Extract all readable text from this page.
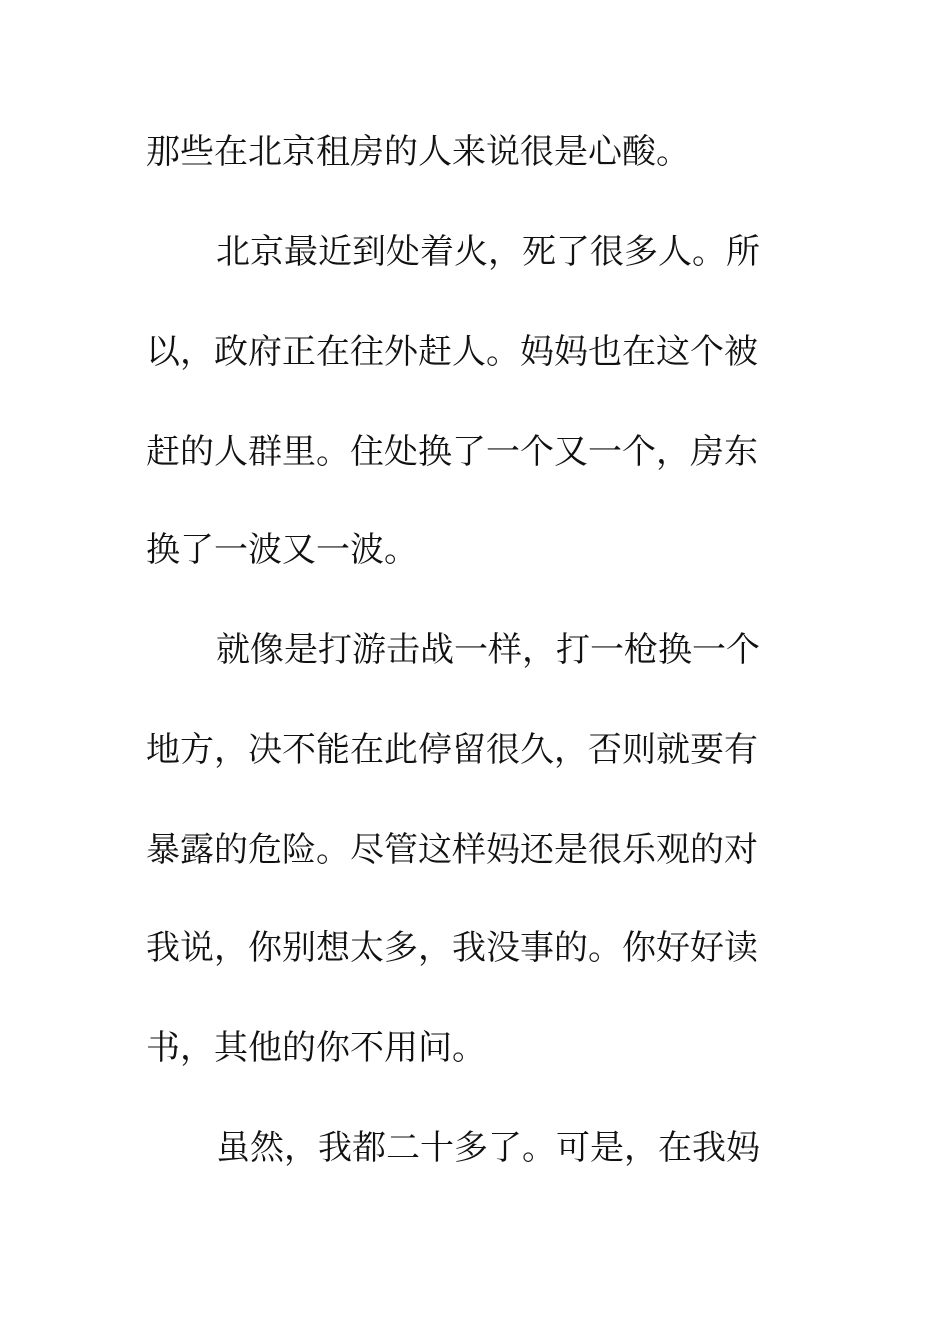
那些在北京租房的人来说很是心酸。
北京最近到处着火，死了很多人。所
以，政府正在往外赶人。妈妈也在这个被
赶的人群里。住处换了一个又一个，房东
换了一波又一波。
就像是打游击战一样，打一枪换一个
地方，决不能在此停留很久，否则就要有
暴露的危险。尽管这样妈还是很乐观的对
我说，你别想太多，我没事的。你好好读
书，其他的你不用问。
虽然，我都二十多了。可是，在我妈
